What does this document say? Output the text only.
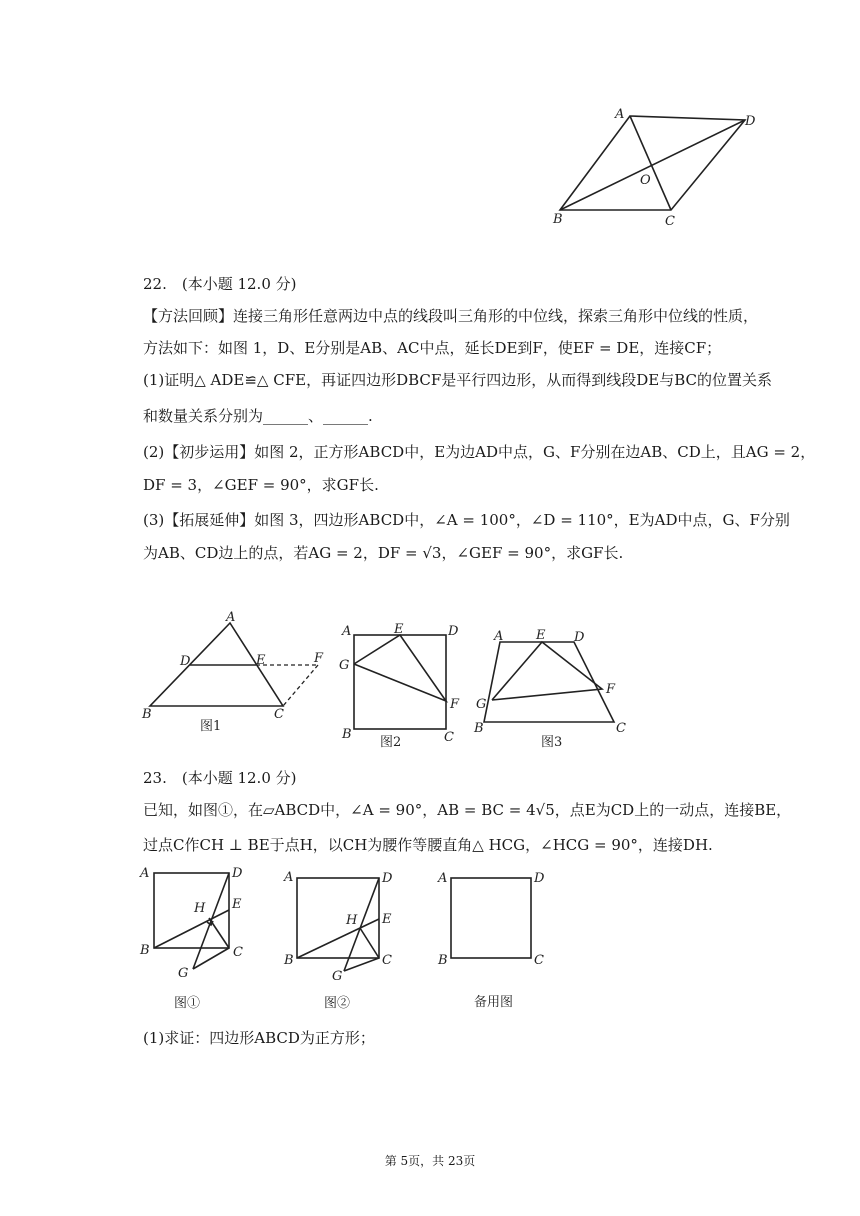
A	D
O
B	C
22.　(本小题 12.0 分)
【方法回顾】连接三角形任意两边中点的线段叫三角形的中位线，探索三角形中位线的性质，
方法如下：如图 1，D、E分别是AB、AC中点，延长DE到F，使EF = DE，连接CF；
(1)证明△ ADE≌△ CFE，再证四边形DBCF是平行四边形，从而得到线段DE与BC的位置关系
和数量关系分别为______、______.
(2)【初步运用】如图 2，正方形ABCD中，E为边AD中点，G、F分别在边AB、CD上，且AG = 2，
DF = 3，∠GEF = 90°，求GF长.
(3)【拓展延伸】如图 3，四边形ABCD中，∠A = 100°，∠D = 110°，E为AD中点，G、F分别
为AB、CD边上的点，若AG = 2，DF = √3，∠GEF = 90°，求GF长.
A
D	E	F
B	C
图1
A	E	D
G
F
B	C
图2
A	E D
G
F
B	C
图3
23.　(本小题 12.0 分)
已知，如图①，在▱ABCD中，∠A = 90°，AB = BC = 4√5，点E为CD上的一动点，连接BE，
过点C作CH ⊥ BE于点H，以CH为腰作等腰直角△ HCG，∠HCG = 90°，连接DH.
A	D
H E
B	C
G
图①
A	D
H E
B	C
G
图②
A	D
B	C
备用图
(1)求证：四边形ABCD为正方形；
第 5页，共 23页
